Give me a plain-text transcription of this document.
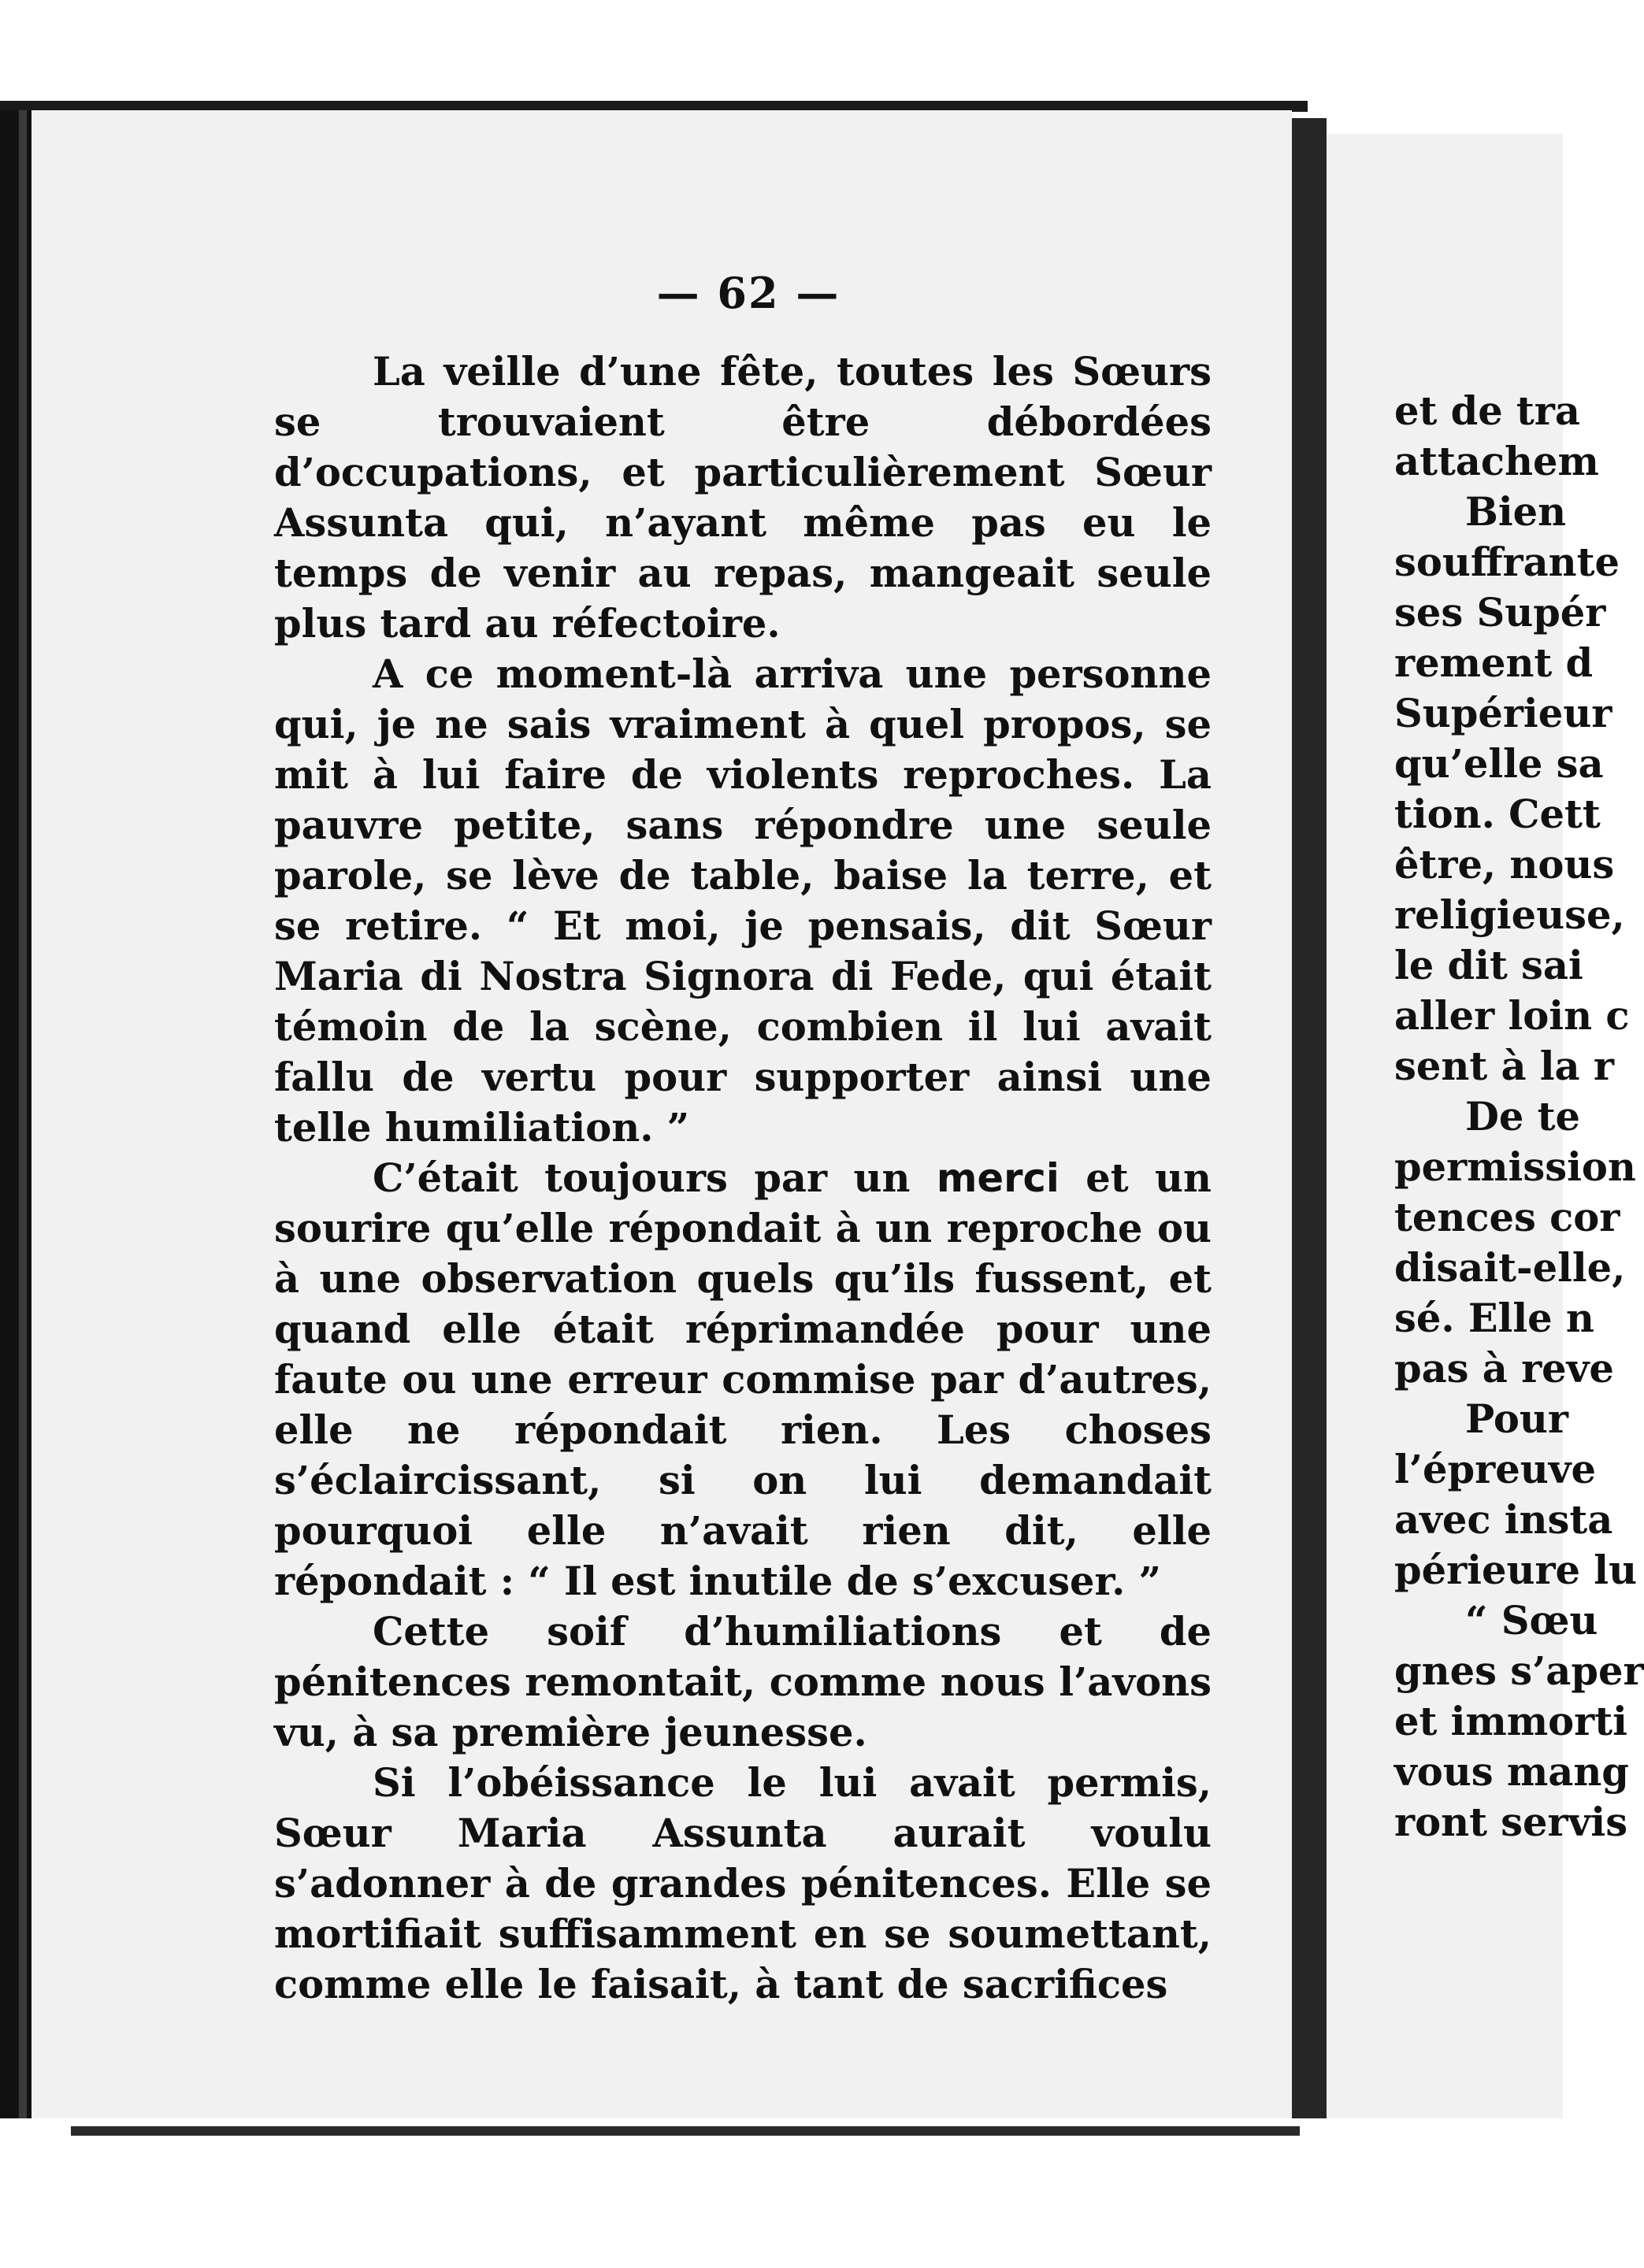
— 62 —

La veille d’une fête, toutes les Sœurs se trouvaient être débordées d’occupations, et particulièrement Sœur Assunta qui, n’ayant même pas eu le temps de venir au repas, mangeait seule plus tard au réfectoire.

A ce moment-là arriva une personne qui, je ne sais vraiment à quel propos, se mit à lui faire de violents reproches. La pauvre petite, sans répondre une seule parole, se lève de table, baise la terre, et se retire. “ Et moi, je pensais, dit Sœur Maria di Nostra Signora di Fede, qui était témoin de la scène, combien il lui avait fallu de vertu pour supporter ainsi une telle humiliation. ”

C’était toujours par un merci et un sourire qu’elle répondait à un reproche ou à une observation quels qu’ils fussent, et quand elle était réprimandée pour une faute ou une erreur commise par d’autres, elle ne répondait rien. Les choses s’éclaircissant, si on lui demandait pourquoi elle n’avait rien dit, elle répondait : “ Il est inutile de s’excuser. ”

Cette soif d’humiliations et de pénitences remontait, comme nous l’avons vu, à sa première jeunesse.

Si l’obéissance le lui avait permis, Sœur Maria Assunta aurait voulu s’adonner à de grandes pénitences. Elle se mortifiait suffisamment en se soumettant, comme elle le faisait, à tant de sacrifices

et de tra
attachem
Bien
souffrante
ses Supér
rement d
Supérieur
qu’elle sa
tion. Cett
être, nous
religieuse,
le dit sai
aller loin c
sent à la r
De te
permission
tences cor
disait-elle,
sé. Elle n
pas à reve
Pour
l’épreuve
avec insta
périeure lu
“ Sœu
gnes s’aper
et immorti
vous mang
ront servis
